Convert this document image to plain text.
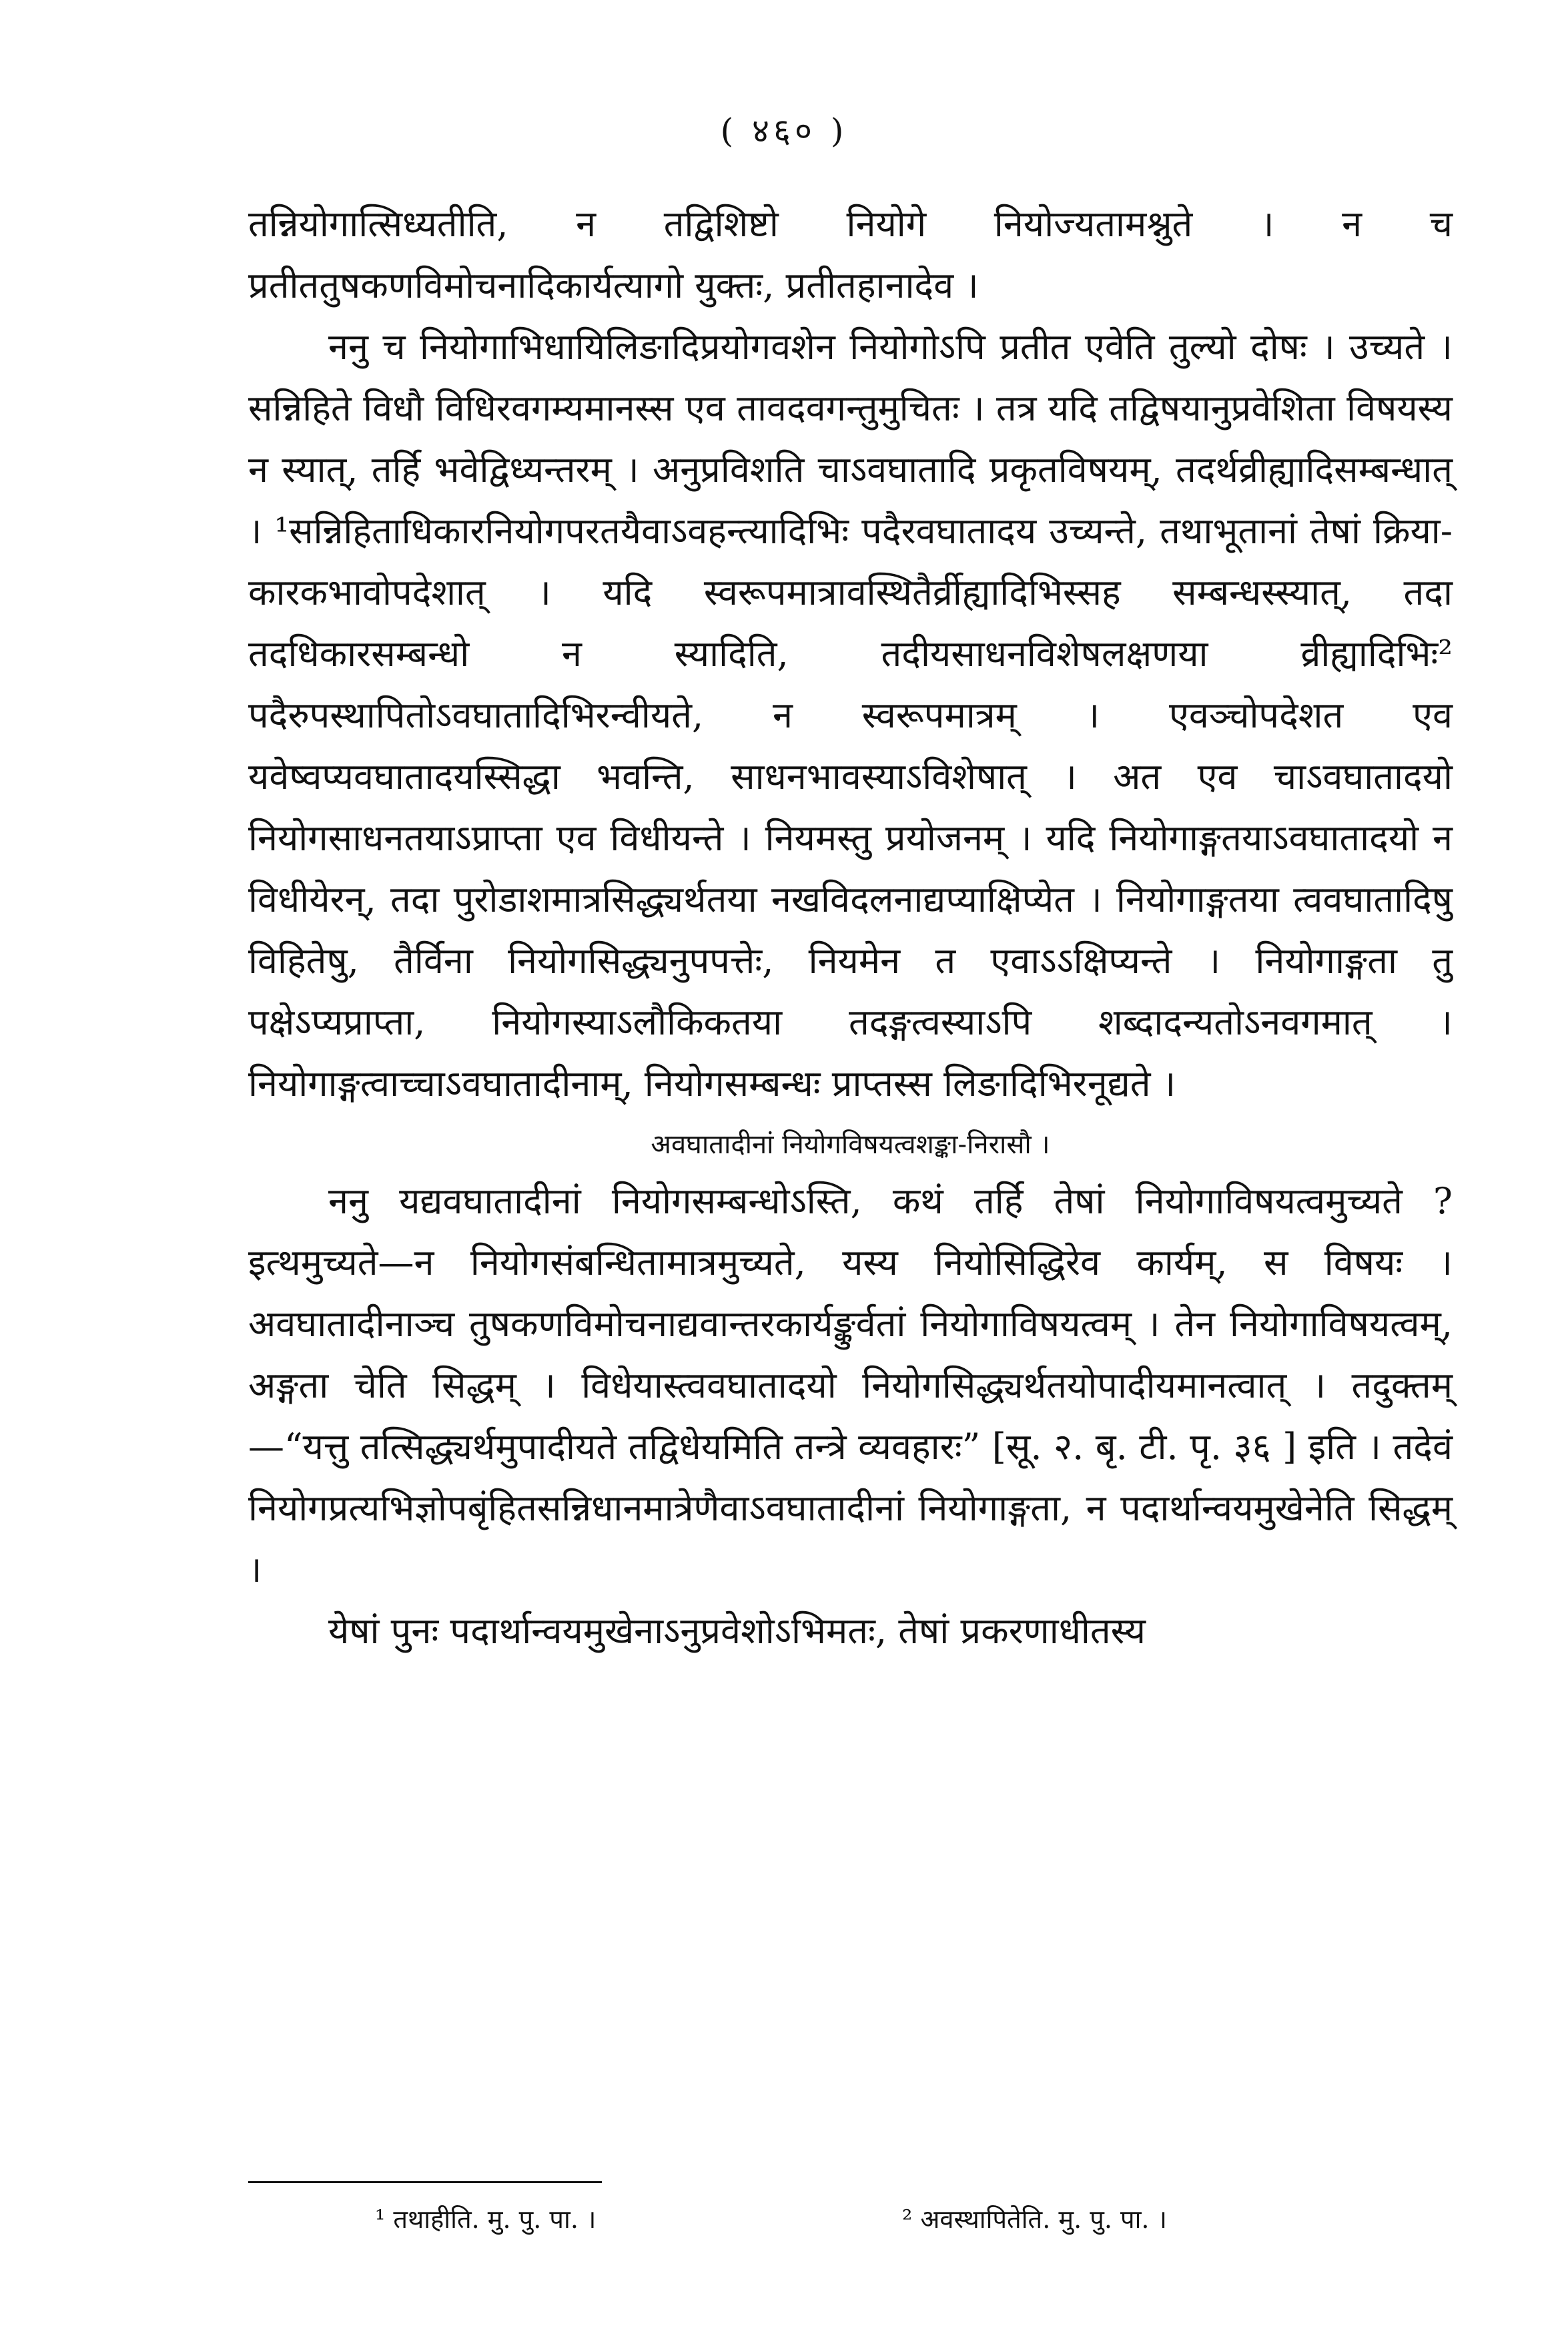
( ४६० )

तन्नियोगात्सिध्यतीति, न तद्विशिष्टो नियोगे नियोज्यतामश्नुते । न च प्रतीततुषकणविमोचनादिकार्यत्यागो युक्तः, प्रतीतहानादेव ।

ननु च नियोगाभिधायिलिङादिप्रयोगवशेन नियोगोऽपि प्रतीत एवेति तुल्यो दोषः । उच्यते । सन्निहिते विधौ विधिरवगम्यमानस्स एव तावदवगन्तुमुचितः । तत्र यदि तद्विषयानुप्रवेशिता विषयस्य न स्यात्, तर्हि भवेद्विध्यन्तरम् । अनुप्रविशति चाऽवघातादि प्रकृतविषयम्, तदर्थव्रीह्यादिसम्बन्धात् । ¹सन्निहिताधिकारनियोगपरतयैवाऽवहन्त्यादिभिः पदैरवघातादय उच्यन्ते, तथाभूतानां तेषां क्रिया-कारकभावोपदेशात् । यदि स्वरूपमात्रावस्थितैर्व्रीह्यादिभिस्सह सम्बन्धस्स्यात्, तदा तदधिकारसम्बन्धो न स्यादिति, तदीयसाधनविशेषलक्षणया व्रीह्यादिभिः² पदैरुपस्थापितोऽवघातादिभिरन्वीयते, न स्वरूपमात्रम् । एवञ्चोपदेशत एव यवेष्वप्यवघातादयस्सिद्धा भवन्ति, साधनभावस्याऽविशेषात् । अत एव चाऽवघातादयो नियोगसाधनतयाऽप्राप्ता एव विधीयन्ते । नियमस्तु प्रयोजनम् । यदि नियोगाङ्गतयाऽवघातादयो न विधीयेरन्, तदा पुरोडाशमात्रसिद्ध्यर्थतया नखविदलनाद्यप्याक्षिप्येत । नियोगाङ्गतया त्ववघातादिषु विहितेषु, तैर्विना नियोगसिद्ध्यनुपपत्तेः, नियमेन त एवाऽऽक्षिप्यन्ते । नियोगाङ्गता तु पक्षेऽप्यप्राप्ता, नियोगस्याऽलौकिकतया तदङ्गत्वस्याऽपि शब्दादन्यतोऽनवगमात् । नियोगाङ्गत्वाच्चाऽवघातादीनाम्, नियोगसम्बन्धः प्राप्तस्स लिङादिभिरनूद्यते ।

अवघातादीनां नियोगविषयत्वशङ्का-निरासौ ।

ननु यद्यवघातादीनां नियोगसम्बन्धोऽस्ति, कथं तर्हि तेषां नियोगाविषयत्वमुच्यते ? इत्थमुच्यते—न नियोगसंबन्धितामात्रमुच्यते, यस्य नियोसिद्धिरेव कार्यम्, स विषयः । अवघातादीनाञ्च तुषकणविमोचनाद्यवान्तरकार्यङ्कुर्वतां नियोगाविषयत्वम् । तेन नियोगाविषयत्वम्, अङ्गता चेति सिद्धम् । विधेयास्त्ववघातादयो नियोगसिद्ध्यर्थतयोपादीयमानत्वात् । तदुक्तम्—“यत्तु तत्सिद्ध्यर्थमुपादीयते तद्विधेयमिति तन्त्रे व्यवहारः” [सू. २. बृ. टी. पृ. ३६ ] इति । तदेवं नियोगप्रत्यभिज्ञोपबृंहितसन्निधानमात्रेणैवाऽवघातादीनां नियोगाङ्गता, न पदार्थान्वयमुखेनेति सिद्धम् ।

येषां पुनः पदार्थान्वयमुखेनाऽनुप्रवेशोऽभिमतः, तेषां प्रकरणाधीतस्य

¹ तथाहीति. मु. पु. पा. ।	² अवस्थापितेति. मु. पु. पा. ।
